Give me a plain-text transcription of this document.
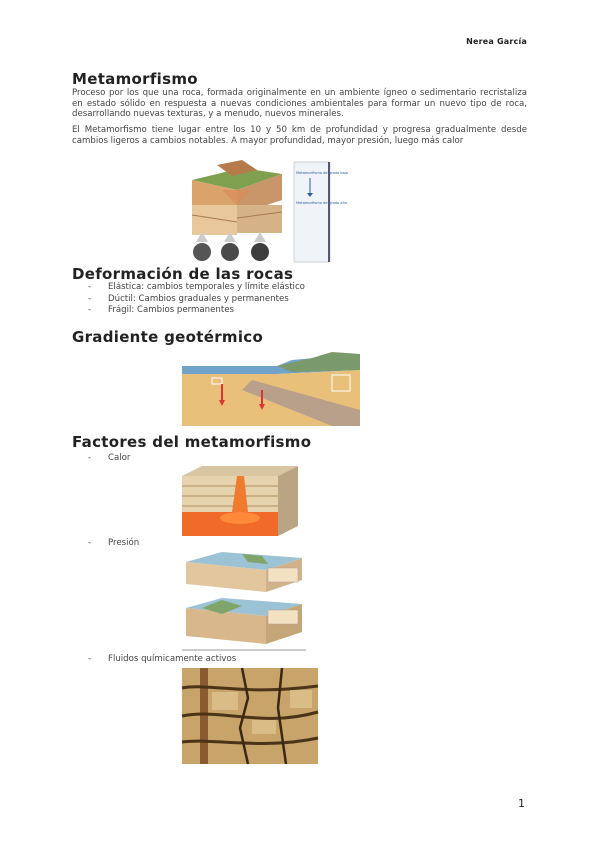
Nerea García
Metamorfismo
Proceso por los que una roca, formada originalmente en un ambiente ígneo o sedimentario recristaliza en estado sólido en respuesta a nuevas condiciones ambientales para formar un nuevo tipo de roca, desarrollando nuevas texturas, y a menudo, nuevos minerales.
El Metamorfismo tiene lugar entre los 10 y 50 km de profundidad y progresa gradualmente desde cambios ligeros a cambios notables. A mayor profundidad, mayor presión, luego más calor
Metamorfismo de grado bajo
Metamorfismo de grado alto
Deformación de las rocas
- Elástica: cambios temporales y límite elástico
- Dúctil: Cambios graduales y permanentes
- Frágil: Cambios permanentes
Gradiente geotérmico
Factores del metamorfismo
- Calor
- Presión
- Fluidos químicamente activos
1
